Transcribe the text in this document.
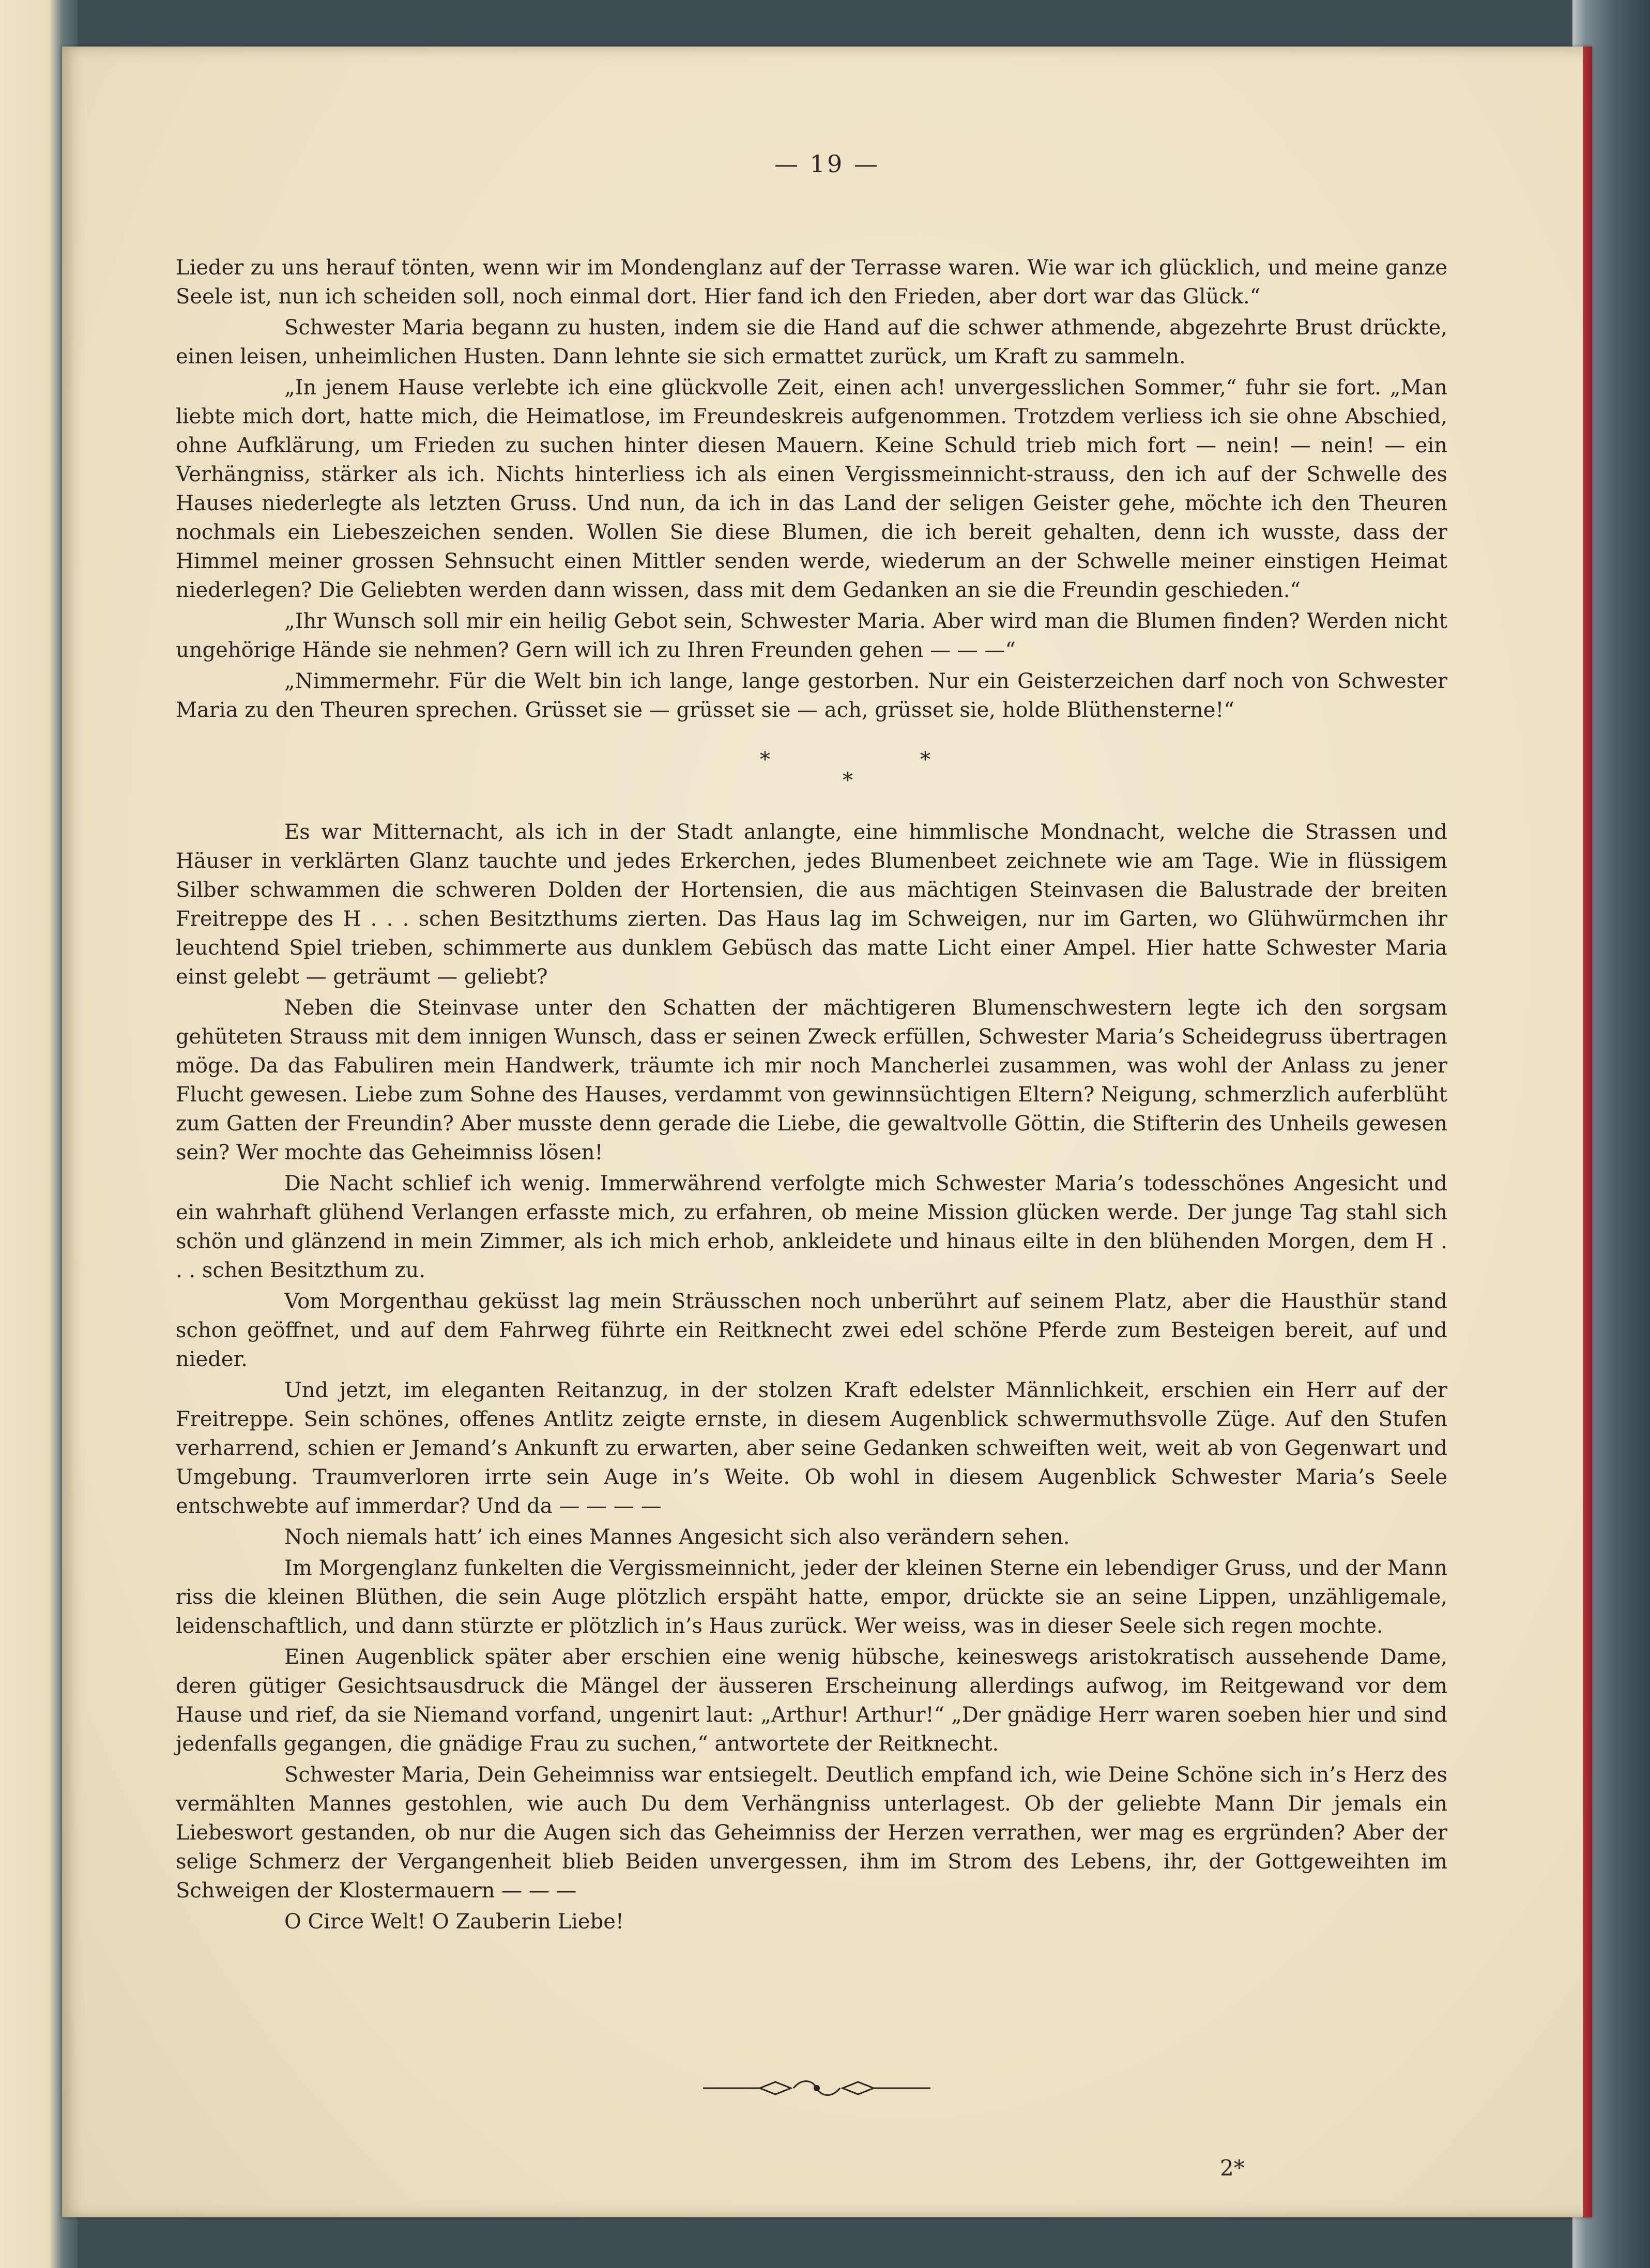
— 19 —

Lieder zu uns herauf tönten, wenn wir im Mondenglanz auf der Terrasse waren. Wie war ich glücklich, und meine ganze Seele ist, nun ich scheiden soll, noch einmal dort. Hier fand ich den Frieden, aber dort war das Glück.“

Schwester Maria begann zu husten, indem sie die Hand auf die schwer athmende, abgezehrte Brust drückte, einen leisen, unheimlichen Husten. Dann lehnte sie sich ermattet zurück, um Kraft zu sammeln.

„In jenem Hause verlebte ich eine glückvolle Zeit, einen ach! unvergesslichen Sommer,“ fuhr sie fort. „Man liebte mich dort, hatte mich, die Heimatlose, im Freundeskreis aufgenommen. Trotzdem verliess ich sie ohne Abschied, ohne Aufklärung, um Frieden zu suchen hinter diesen Mauern. Keine Schuld trieb mich fort — nein! — nein! — ein Verhängniss, stärker als ich. Nichts hinterliess ich als einen Vergissmeinnicht-strauss, den ich auf der Schwelle des Hauses niederlegte als letzten Gruss. Und nun, da ich in das Land der seligen Geister gehe, möchte ich den Theuren nochmals ein Liebeszeichen senden. Wollen Sie diese Blumen, die ich bereit gehalten, denn ich wusste, dass der Himmel meiner grossen Sehnsucht einen Mittler senden werde, wiederum an der Schwelle meiner einstigen Heimat niederlegen? Die Geliebten werden dann wissen, dass mit dem Gedanken an sie die Freundin geschieden.“

„Ihr Wunsch soll mir ein heilig Gebot sein, Schwester Maria. Aber wird man die Blumen finden? Werden nicht ungehörige Hände sie nehmen? Gern will ich zu Ihren Freunden gehen — — —“

„Nimmermehr. Für die Welt bin ich lange, lange gestorben. Nur ein Geisterzeichen darf noch von Schwester Maria zu den Theuren sprechen. Grüsset sie — grüsset sie — ach, grüsset sie, holde Blüthensterne!“

*
*
*

Es war Mitternacht, als ich in der Stadt anlangte, eine himmlische Mondnacht, welche die Strassen und Häuser in verklärten Glanz tauchte und jedes Erkerchen, jedes Blumenbeet zeichnete wie am Tage. Wie in flüssigem Silber schwammen die schweren Dolden der Hortensien, die aus mächtigen Steinvasen die Balustrade der breiten Freitreppe des H . . . schen Besitzthums zierten. Das Haus lag im Schweigen, nur im Garten, wo Glühwürmchen ihr leuchtend Spiel trieben, schimmerte aus dunklem Gebüsch das matte Licht einer Ampel. Hier hatte Schwester Maria einst gelebt — geträumt — geliebt?

Neben die Steinvase unter den Schatten der mächtigeren Blumenschwestern legte ich den sorgsam gehüteten Strauss mit dem innigen Wunsch, dass er seinen Zweck erfüllen, Schwester Maria’s Scheidegruss übertragen möge. Da das Fabuliren mein Handwerk, träumte ich mir noch Mancherlei zusammen, was wohl der Anlass zu jener Flucht gewesen. Liebe zum Sohne des Hauses, verdammt von gewinnsüchtigen Eltern? Neigung, schmerzlich auferblüht zum Gatten der Freundin? Aber musste denn gerade die Liebe, die gewaltvolle Göttin, die Stifterin des Unheils gewesen sein? Wer mochte das Geheimniss lösen!

Die Nacht schlief ich wenig. Immerwährend verfolgte mich Schwester Maria’s todesschönes Angesicht und ein wahrhaft glühend Verlangen erfasste mich, zu erfahren, ob meine Mission glücken werde. Der junge Tag stahl sich schön und glänzend in mein Zimmer, als ich mich erhob, ankleidete und hinaus eilte in den blühenden Morgen, dem H . . . schen Besitzthum zu.

Vom Morgenthau geküsst lag mein Sträusschen noch unberührt auf seinem Platz, aber die Hausthür stand schon geöffnet, und auf dem Fahrweg führte ein Reitknecht zwei edel schöne Pferde zum Besteigen bereit, auf und nieder.

Und jetzt, im eleganten Reitanzug, in der stolzen Kraft edelster Männlichkeit, erschien ein Herr auf der Freitreppe. Sein schönes, offenes Antlitz zeigte ernste, in diesem Augenblick schwermuthsvolle Züge. Auf den Stufen verharrend, schien er Jemand’s Ankunft zu erwarten, aber seine Gedanken schweiften weit, weit ab von Gegenwart und Umgebung. Traumverloren irrte sein Auge in’s Weite. Ob wohl in diesem Augenblick Schwester Maria’s Seele entschwebte auf immerdar? Und da — — — —

Noch niemals hatt’ ich eines Mannes Angesicht sich also verändern sehen.

Im Morgenglanz funkelten die Vergissmeinnicht, jeder der kleinen Sterne ein lebendiger Gruss, und der Mann riss die kleinen Blüthen, die sein Auge plötzlich erspäht hatte, empor, drückte sie an seine Lippen, unzähligemale, leidenschaftlich, und dann stürzte er plötzlich in’s Haus zurück. Wer weiss, was in dieser Seele sich regen mochte.

Einen Augenblick später aber erschien eine wenig hübsche, keineswegs aristokratisch aussehende Dame, deren gütiger Gesichtsausdruck die Mängel der äusseren Erscheinung allerdings aufwog, im Reitgewand vor dem Hause und rief, da sie Niemand vorfand, ungenirt laut: „Arthur! Arthur!“ „Der gnädige Herr waren soeben hier und sind jedenfalls gegangen, die gnädige Frau zu suchen,“ antwortete der Reitknecht.

Schwester Maria, Dein Geheimniss war entsiegelt. Deutlich empfand ich, wie Deine Schöne sich in’s Herz des vermählten Mannes gestohlen, wie auch Du dem Verhängniss unterlagest. Ob der geliebte Mann Dir jemals ein Liebeswort gestanden, ob nur die Augen sich das Geheimniss der Herzen verrathen, wer mag es ergründen? Aber der selige Schmerz der Vergangenheit blieb Beiden unvergessen, ihm im Strom des Lebens, ihr, der Gottgeweihten im Schweigen der Klostermauern — — —

O Circe Welt! O Zauberin Liebe!

2*
